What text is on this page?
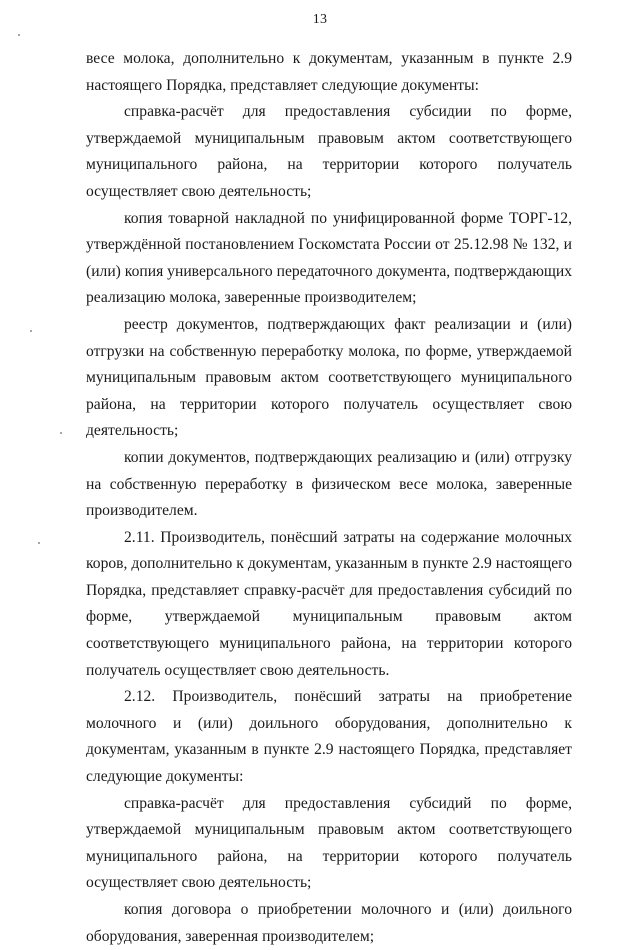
13

весе молока, дополнительно к документам, указанным в пункте 2.9 настоящего Порядка, представляет следующие документы:

справка-расчёт для предоставления субсидии по форме, утверждаемой муниципальным правовым актом соответствующего муниципального района, на территории которого получатель осуществляет свою деятельность;

копия товарной накладной по унифицированной форме ТОРГ-12, утверждённой постановлением Госкомстата России от 25.12.98 № 132, и (или) копия универсального передаточного документа, подтверждающих реализацию молока, заверенные производителем;

реестр документов, подтверждающих факт реализации и (или) отгрузки на собственную переработку молока, по форме, утверждаемой муниципальным правовым актом соответствующего муниципального района, на территории которого получатель осуществляет свою деятельность;

копии документов, подтверждающих реализацию и (или) отгрузку на собственную переработку в физическом весе молока, заверенные производителем.

2.11. Производитель, понёсший затраты на содержание молочных коров, дополнительно к документам, указанным в пункте 2.9 настоящего Порядка, представляет справку-расчёт для предоставления субсидий по форме, утверждаемой муниципальным правовым актом соответствующего муниципального района, на территории которого получатель осуществляет свою деятельность.

2.12. Производитель, понёсший затраты на приобретение молочного и (или) доильного оборудования, дополнительно к документам, указанным в пункте 2.9 настоящего Порядка, представляет следующие документы:

справка-расчёт для предоставления субсидий по форме, утверждаемой муниципальным правовым актом соответствующего муниципального района, на территории которого получатель осуществляет свою деятельность;

копия договора о приобретении молочного и (или) доильного оборудования, заверенная производителем;
